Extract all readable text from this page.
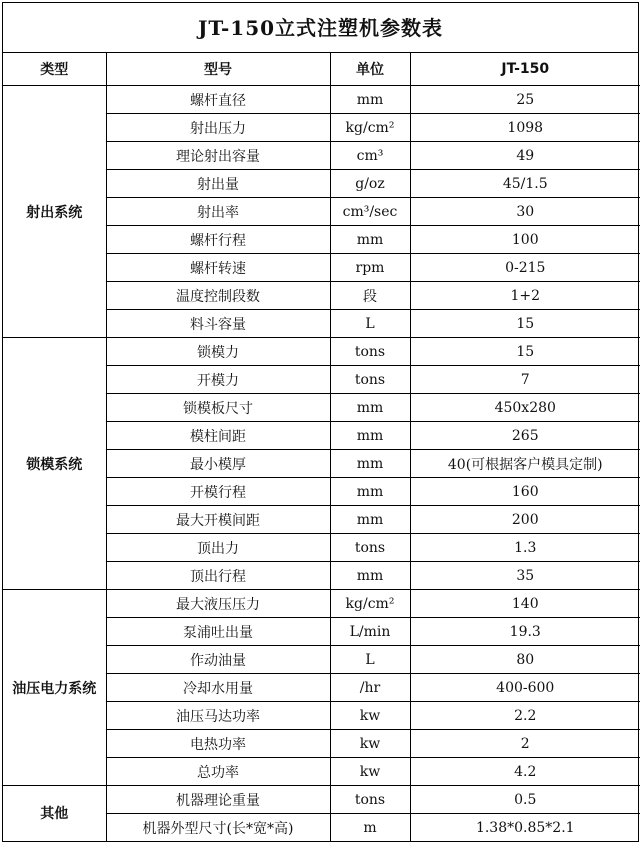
JT-150立式注塑机参数表
类型	型号	单位	JT-150
射出系统	螺杆直径	mm	25
	射出压力	kg/cm²	1098
	理论射出容量	cm³	49
	射出量	g/oz	45/1.5
	射出率	cm³/sec	30
	螺杆行程	mm	100
	螺杆转速	rpm	0-215
	温度控制段数	段	1+2
	料斗容量	L	15
锁模系统	锁模力	tons	15
	开模力	tons	7
	锁模板尺寸	mm	450x280
	模柱间距	mm	265
	最小模厚	mm	40(可根据客户模具定制)
	开模行程	mm	160
	最大开模间距	mm	200
	顶出力	tons	1.3
	顶出行程	mm	35
油压电力系统	最大液压压力	kg/cm²	140
	泵浦吐出量	L/min	19.3
	作动油量	L	80
	冷却水用量	/hr	400-600
	油压马达功率	kw	2.2
	电热功率	kw	2
	总功率	kw	4.2
其他	机器理论重量	tons	0.5
	机器外型尺寸(长*宽*高)	m	1.38*0.85*2.1
